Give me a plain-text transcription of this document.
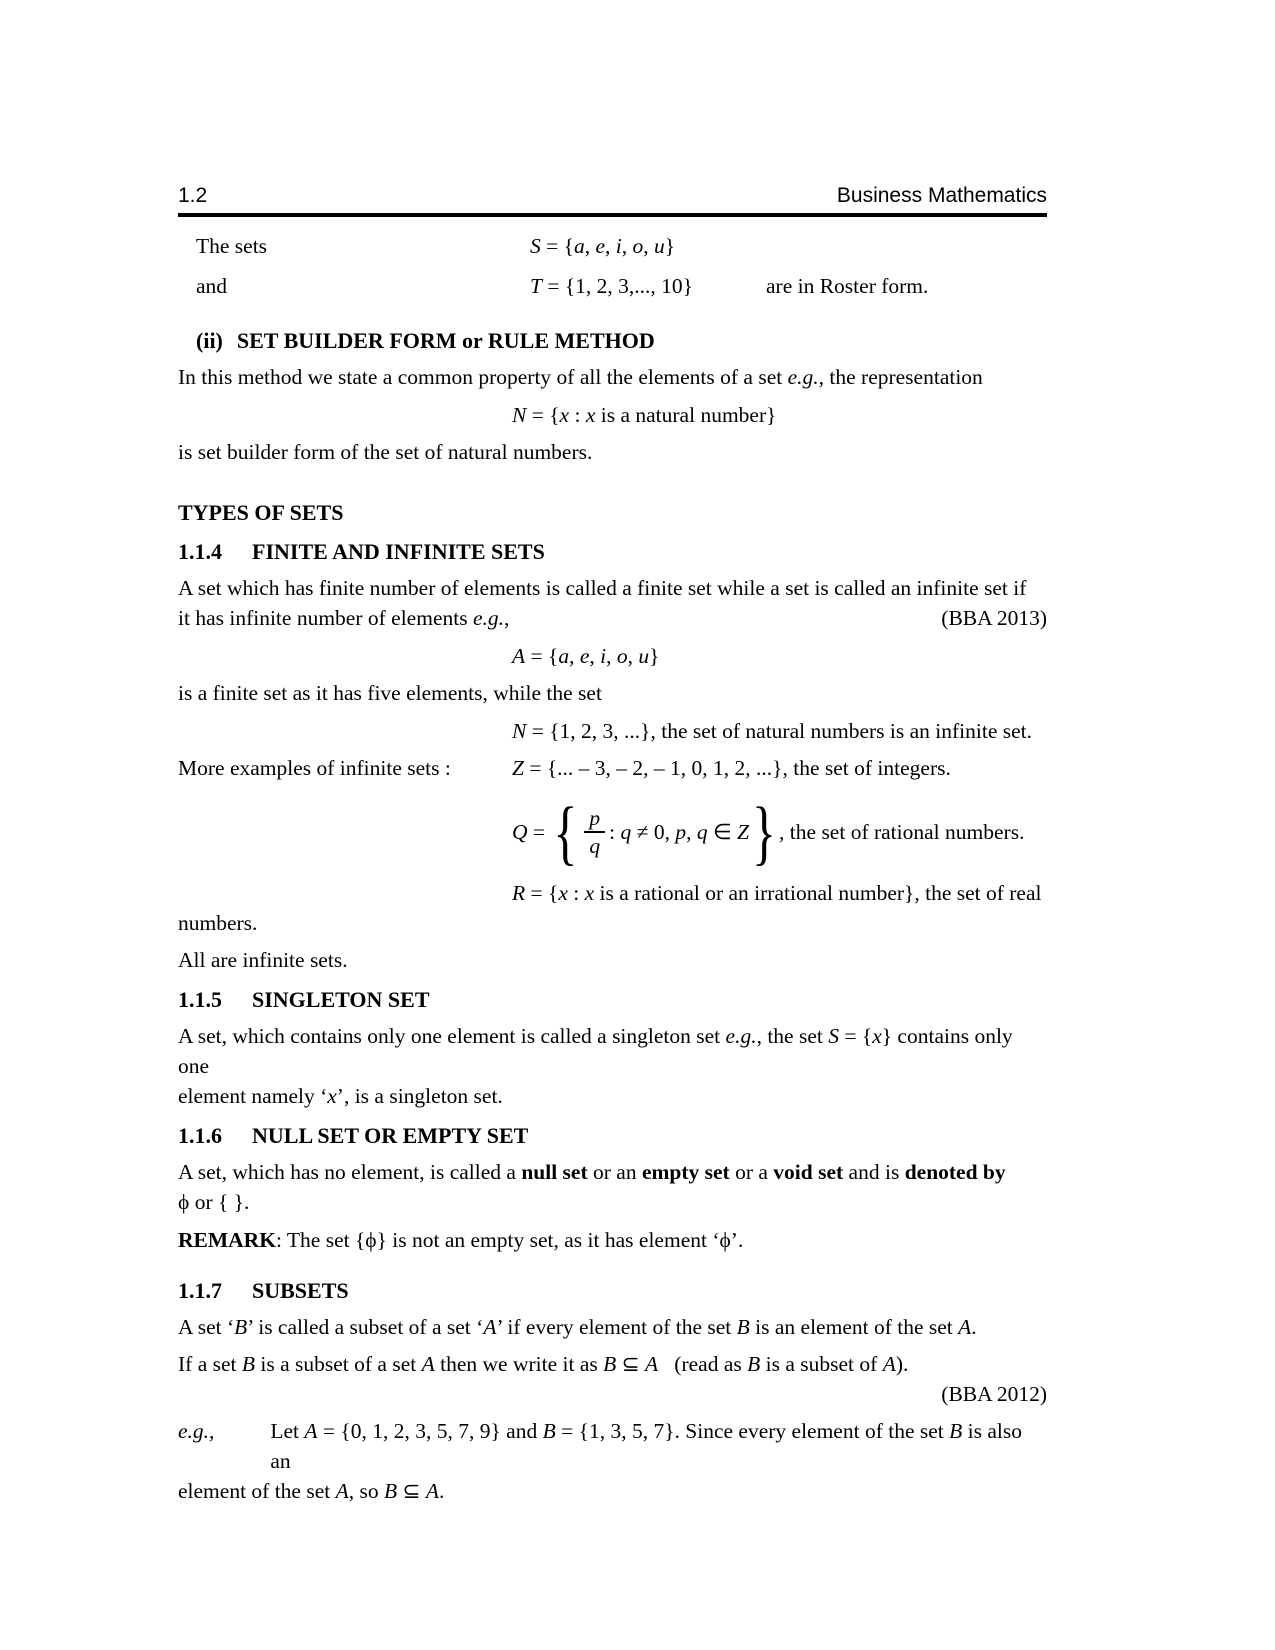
1.2	Business Mathematics
The sets	S = {a, e, i, o, u}
and	T = {1, 2, 3,..., 10}	are in Roster form.
(ii) SET BUILDER FORM or RULE METHOD
In this method we state a common property of all the elements of a set e.g., the representation
N = {x : x is a natural number}
is set builder form of the set of natural numbers.
TYPES OF SETS
1.1.4 FINITE AND INFINITE SETS
A set which has finite number of elements is called a finite set while a set is called an infinite set if
it has infinite number of elements e.g.,	(BBA 2013)
A = {a, e, i, o, u}
is a finite set as it has five elements, while the set
N = {1, 2, 3, ...}, the set of natural numbers is an infinite set.
More examples of infinite sets :	Z = {... – 3, – 2, – 1, 0, 1, 2, ...}, the set of integers.
Q = { $\frac{p}{q}$ : q ≠ 0, p, q ∈ Z } , the set of rational numbers.
R = {x : x is a rational or an irrational number}, the set of real
numbers.
All are infinite sets.
1.1.5 SINGLETON SET
A set, which contains only one element is called a singleton set e.g., the set S = {x} contains only one
element namely ‘x’, is a singleton set.
1.1.6 NULL SET OR EMPTY SET
A set, which has no element, is called a null set or an empty set or a void set and is denoted by
ϕ or { }.
REMARK: The set {ϕ} is not an empty set, as it has element ‘ϕ’.
1.1.7 SUBSETS
A set ‘B’ is called a subset of a set ‘A’ if every element of the set B is an element of the set A.
If a set B is a subset of a set A then we write it as B ⊆ A  (read as B is a subset of A).
(BBA 2012)
e.g.,	Let A = {0, 1, 2, 3, 5, 7, 9} and B = {1, 3, 5, 7}. Since every element of the set B is also an
element of the set A, so B ⊆ A.
